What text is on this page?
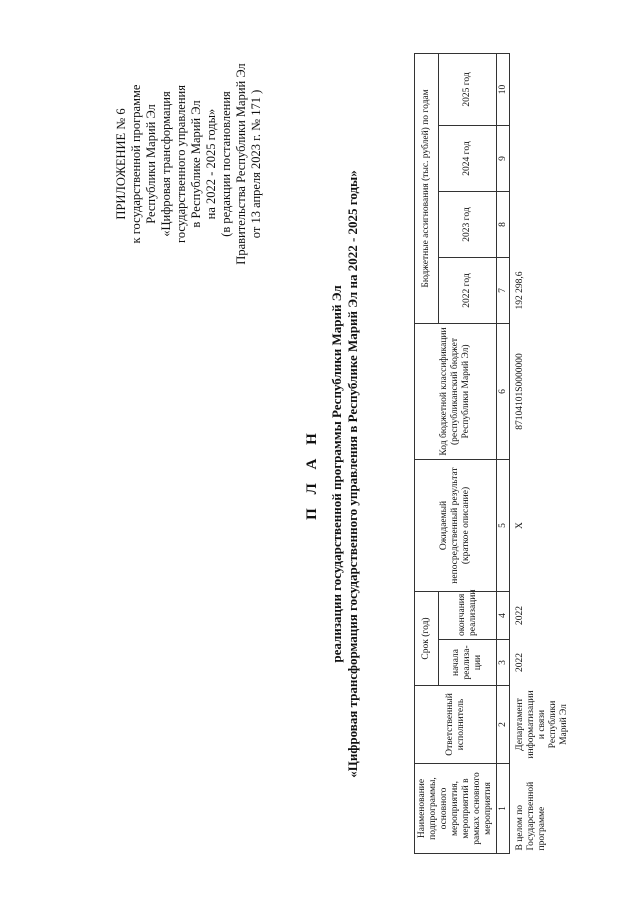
ПРИЛОЖЕНИЕ № 6 к государственной программе Республики Марий Эл «Цифровая трансформация государственного управления в Республике Марий Эл на 2022 - 2025 годы» (в редакции постановления Правительства Республики Марий Эл от 13 апреля 2023 г. № 171 )
П Л А Н реализации государственной программы Республики Марий Эл «Цифровая трансформация государственного управления в Республике Марий Эл на 2022 - 2025 годы»
Наименование подпрограммы, основного мероприятия, мероприятий в рамках основного мероприятия	Ответственный исполнитель	Срок (год)		Ожидаемый непосредственный результат (краткое описание)	Код бюджетной классификации (республиканский бюджет Республики Марий Эл)	Бюджетные ассигнования (тыс. рублей) по годам			
		начала реализа-ции	окончания реализации			2022 год	2023 год	2024 год	2025 год
1	2	3	4	5	6	7	8	9	10
В целом по Государственной программе	Департамент информатизации и связи Республики Марий Эл	2022	2022	Х	87104101S0000000	192 298,6			
